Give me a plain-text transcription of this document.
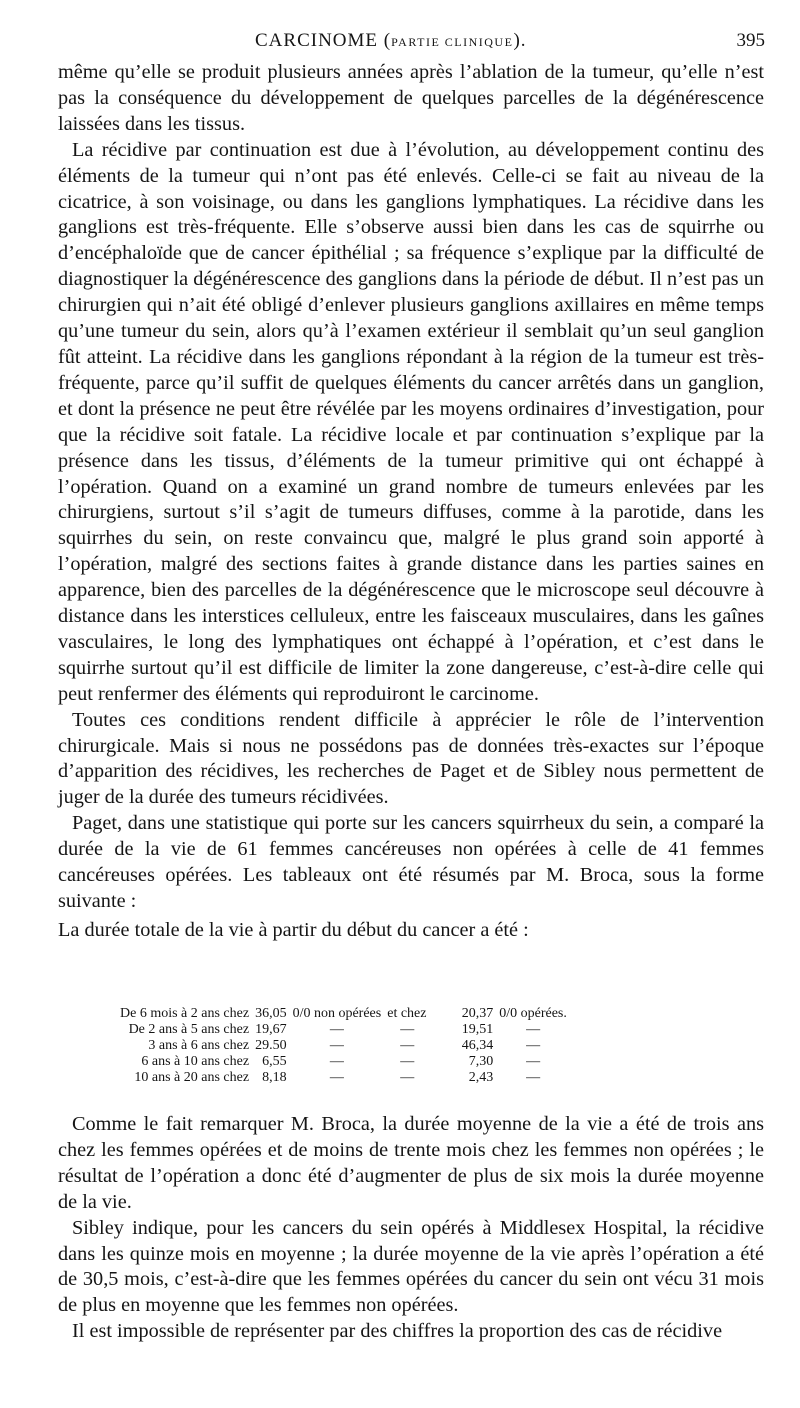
CARCINOME (PARTIE CLINIQUE).	395

même qu’elle se produit plusieurs années après l’ablation de la tumeur, qu’elle n’est pas la conséquence du développement de quelques parcelles de la dégénérescence laissées dans les tissus.

La récidive par continuation est due à l’évolution, au développement continu des éléments de la tumeur qui n’ont pas été enlevés. Celle-ci se fait au niveau de la cicatrice, à son voisinage, ou dans les ganglions lymphatiques. La récidive dans les ganglions est très-fréquente. Elle s’observe aussi bien dans les cas de squirrhe ou d’encéphaloïde que de cancer épithélial ; sa fréquence s’explique par la difficulté de diagnostiquer la dégénérescence des ganglions dans la période de début. Il n’est pas un chirurgien qui n’ait été obligé d’enlever plusieurs ganglions axillaires en même temps qu’une tumeur du sein, alors qu’à l’examen extérieur il semblait qu’un seul ganglion fût atteint. La récidive dans les ganglions répondant à la région de la tumeur est très-fréquente, parce qu’il suffit de quelques éléments du cancer arrêtés dans un ganglion, et dont la présence ne peut être révélée par les moyens ordinaires d’investigation, pour que la récidive soit fatale. La récidive locale et par continuation s’explique par la présence dans les tissus, d’éléments de la tumeur primitive qui ont échappé à l’opération. Quand on a examiné un grand nombre de tumeurs enlevées par les chirurgiens, surtout s’il s’agit de tumeurs diffuses, comme à la parotide, dans les squirrhes du sein, on reste convaincu que, malgré le plus grand soin apporté à l’opération, malgré des sections faites à grande distance dans les parties saines en apparence, bien des parcelles de la dégénérescence que le microscope seul découvre à distance dans les interstices celluleux, entre les faisceaux musculaires, dans les gaînes vasculaires, le long des lymphatiques ont échappé à l’opération, et c’est dans le squirrhe surtout qu’il est difficile de limiter la zone dangereuse, c’est-à-dire celle qui peut renfermer des éléments qui reproduiront le carcinome.

Toutes ces conditions rendent difficile à apprécier le rôle de l’intervention chirurgicale. Mais si nous ne possédons pas de données très-exactes sur l’époque d’apparition des récidives, les recherches de Paget et de Sibley nous permettent de juger de la durée des tumeurs récidivées.

Paget, dans une statistique qui porte sur les cancers squirrheux du sein, a comparé la durée de la vie de 61 femmes cancéreuses non opérées à celle de 41 femmes cancéreuses opérées. Les tableaux ont été résumés par M. Broca, sous la forme suivante :

La durée totale de la vie à partir du début du cancer a été :

De 6 mois à 2 ans chez	36,05	0/0 non opérées	et chez	20,37	0/0 opérées.
De 2 ans à 5 ans chez	19,67	—	—	19,51	—
3 ans à 6 ans chez	29.50	—	—	46,34	—
6 ans à 10 ans chez	6,55	—	—	7,30	—
10 ans à 20 ans chez	8,18	—	—	2,43	—

Comme le fait remarquer M. Broca, la durée moyenne de la vie a été de trois ans chez les femmes opérées et de moins de trente mois chez les femmes non opérées ; le résultat de l’opération a donc été d’augmenter de plus de six mois la durée moyenne de la vie.

Sibley indique, pour les cancers du sein opérés à Middlesex Hospital, la récidive dans les quinze mois en moyenne ; la durée moyenne de la vie après l’opération a été de 30,5 mois, c’est-à-dire que les femmes opérées du cancer du sein ont vécu 31 mois de plus en moyenne que les femmes non opérées.

Il est impossible de représenter par des chiffres la proportion des cas de récidive
